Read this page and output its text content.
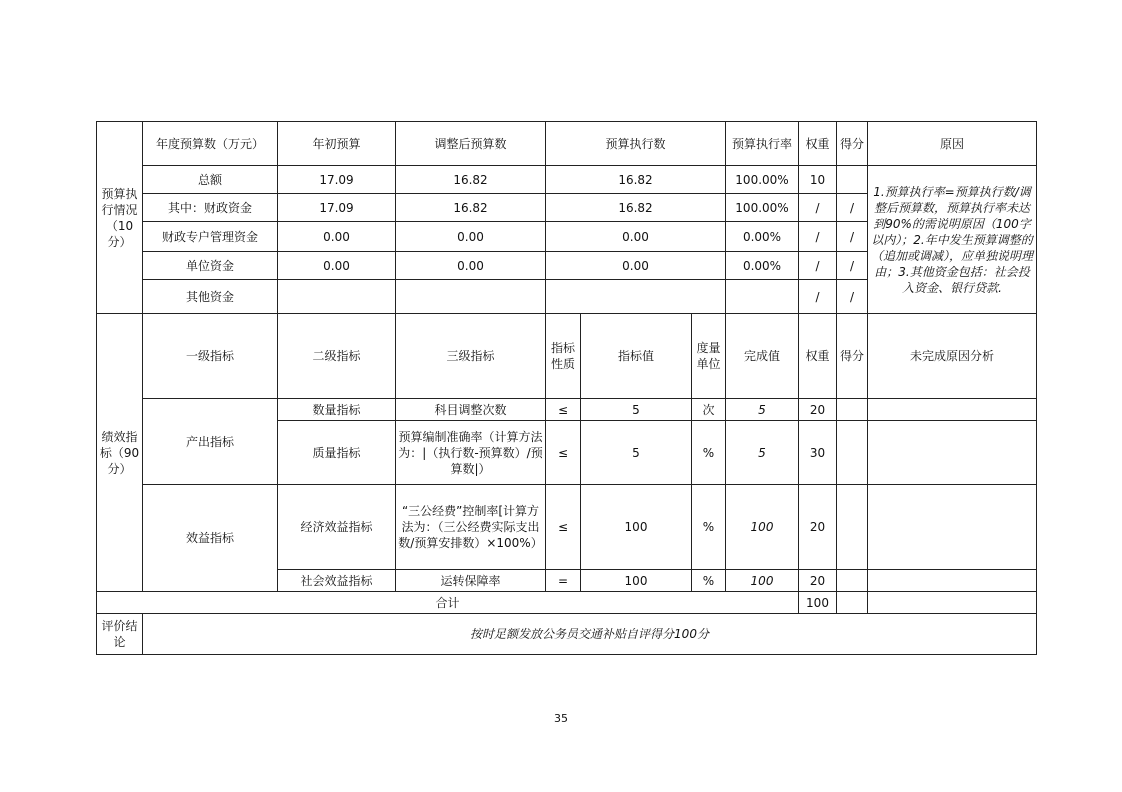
预算执行情况（10分）	年度预算数（万元）	年初预算	调整后预算数	预算执行数			预算执行率	权重	得分	原因
	总额	17.09	16.82	16.82			100.00%	10		1.预算执行率=预算执行数/调整后预算数，预算执行率未达到90%的需说明原因（100字以内）；2.年中发生预算调整的（追加或调减），应单独说明理由；3.其他资金包括：社会投入资金、银行贷款.
	其中：财政资金	17.09	16.82	16.82			100.00%	/	/	
	财政专户管理资金	0.00	0.00	0.00			0.00%	/	/	
	单位资金	0.00	0.00	0.00			0.00%	/	/	
	其他资金							/	/	
绩效指标（90分）	一级指标	二级指标	三级指标	指标性质	指标值	度量单位	完成值	权重	得分	未完成原因分析
	产出指标	数量指标	科目调整次数	≤	5	次	5	20		
		质量指标	预算编制准确率（计算方法为：|（执行数-预算数）/预算数|）	≤	5	%	5	30		
	效益指标	经济效益指标	“三公经费”控制率[计算方法为：（三公经费实际支出数/预算安排数）×100%）	≤	100	%	100	20		
		社会效益指标	运转保障率	=	100	%	100	20		
合计								100		
评价结论	按时足额发放公务员交通补贴自评得分100分									
35
